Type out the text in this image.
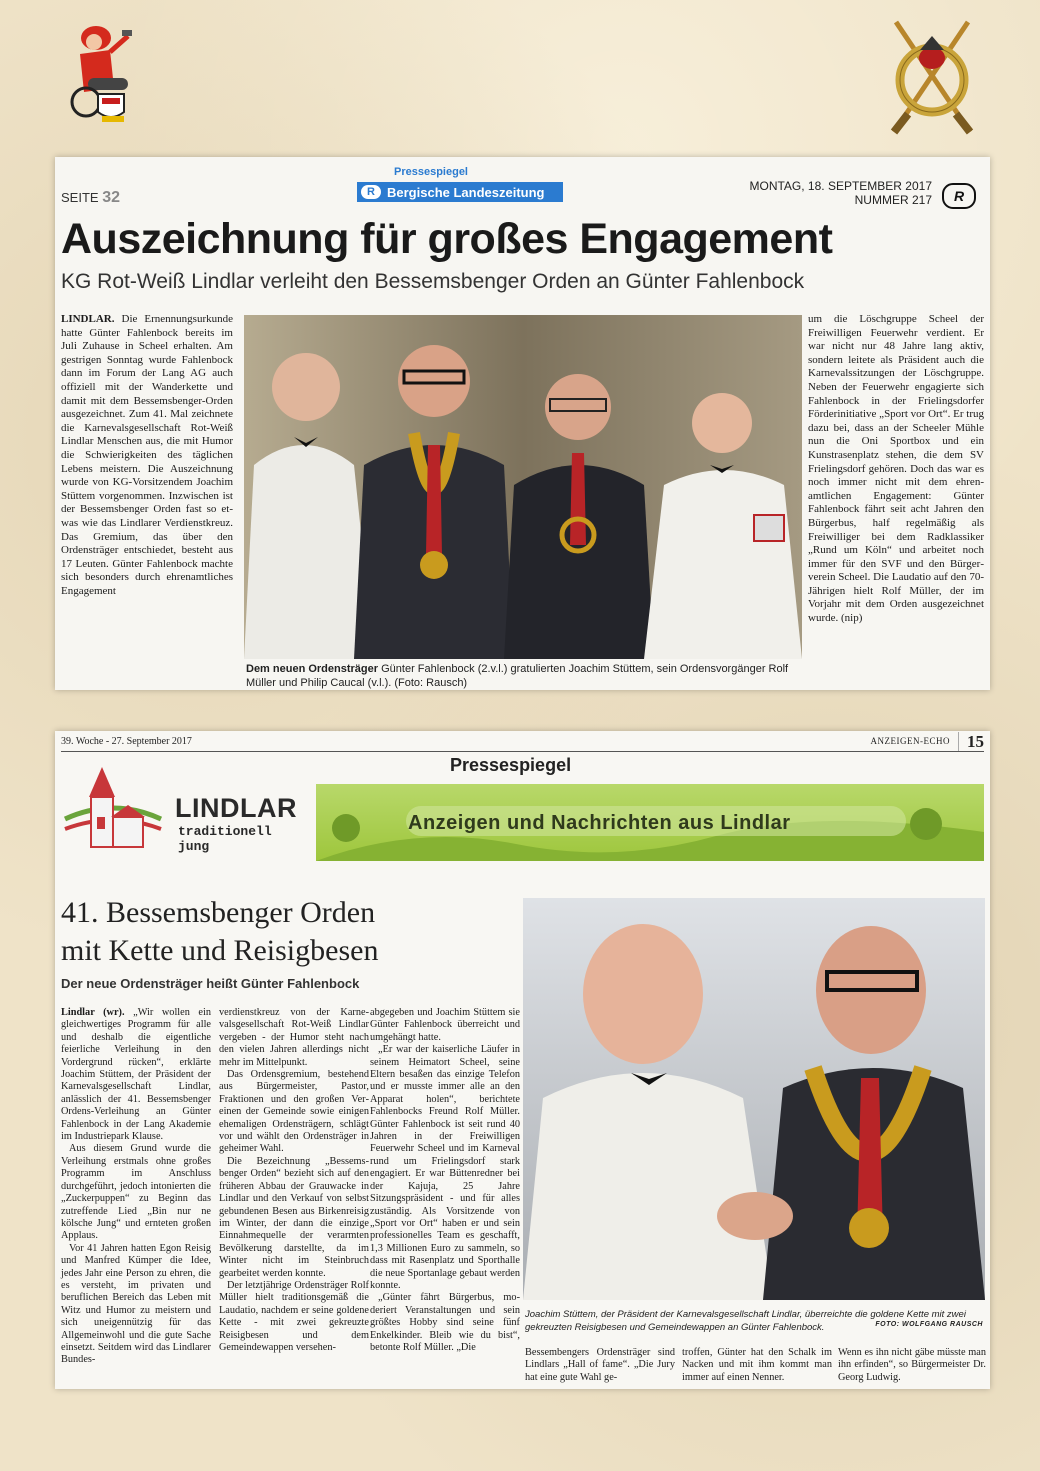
Pressespiegel
R Bergische Landeszeitung
SEITE 32
MONTAG, 18. SEPTEMBER 2017
NUMMER 217	R
Auszeichnung für großes Engagement
KG Rot-Weiß Lindlar verleiht den Bessemsbenger Orden an Günter Fahlenbock
LINDLAR. Die Ernennungsurkunde hatte Günter Fahlenbock bereits im Juli Zuhause in Scheel erhalten. Am gestrigen Sonntag wurde Fahlenbock dann im Forum der Lang AG auch offiziell mit der Wanderkette und damit mit dem Bessemsbenger-Orden ausgezeichnet. Zum 41. Mal zeichnete die Karnevalsgesellschaft Rot-Weiß Lindlar Menschen aus, die mit Humor die Schwierigkeiten des täglichen Lebens meistern. Die Auszeichnung wurde von KG-Vorsitzendem Joachim Stüttem vorgenommen. Inzwischen ist der Bessemsbenger Orden fast so etwas wie das Lindlarer Verdienstkreuz. Das Gremium, das über den Ordensträger entschiedet, besteht aus 17 Leuten. Günter Fahlenbock machte sich besonders durch ehrenamtliches Engagement
Dem neuen Ordensträger Günter Fahlenbock (2.v.l.) gratulierten Joachim Stüttem, sein Ordensvorgänger Rolf Müller und Philip Caucal (v.l.). (Foto: Rausch)
um die Löschgruppe Scheel der Freiwilligen Feuerwehr verdient. Er war nicht nur 48 Jahre lang aktiv, sondern leitete als Präsident auch die Karnevalssitzungen der Löschgruppe. Neben der Feuerwehr engagierte sich Fahlenbock in der Frielingsdorfer Förderinitiative „Sport vor Ort“. Er trug dazu bei, dass an der Scheeler Mühle nun die Oni Sportbox und ein Kunstrasenplatz stehen, die dem SV Frielingsdorf gehören. Doch das war es noch immer nicht mit dem ehrenamtlichen Engagement: Günter Fahlenbock fährt seit acht Jahren den Bürgerbus, half regelmäßig als Freiwilliger bei dem Radklassiker „Rund um Köln“ und arbeitet noch immer für den SVF und den Bürgerverein Scheel. Die Laudatio auf den 70-Jährigen hielt Rolf Müller, der im Vorjahr mit dem Orden ausgezeichnet wurde. (nip)
39. Woche - 27. September 2017	ANZEIGEN-ECHO	15
Pressespiegel
LINDLAR
traditionell
jung
Anzeigen und Nachrichten aus Lindlar
41. Bessemsbenger Orden
mit Kette und Reisigbesen
Der neue Ordensträger heißt Günter Fahlenbock
Lindlar (wr). „Wir wollen ein gleichwertiges Programm für alle und deshalb die eigentliche feierliche Verleihung in den Vordergrund rücken“, erklärte Joachim Stüttem, der Präsident der Karnevalsgesellschaft Lindlar, anlässlich der 41. Bessemsbenger Ordens-Verleihung an Günter Fahlenbock in der Lang Akademie im Industriepark Klause.
Aus diesem Grund wurde die Verleihung erstmals ohne großes Programm im Anschluss durchgeführt, jedoch intonierten die „Zuckerpuppen“ zu Beginn das zutreffende Lied „Bin nur ne kölsche Jung“ und ernteten großen Applaus.
Vor 41 Jahren hatten Egon Reisig und Manfred Kümper die Idee, jedes Jahr eine Person zu ehren, die es versteht, im privaten und beruflichen Bereich das Leben mit Witz und Humor zu meistern und sich uneigennützig für das Allgemeinwohl und die gute Sache einsetzt. Seitdem wird das Lindlarer Bundes-
verdienstkreuz von der Karnevalsgesellschaft Rot-Weiß Lindlar vergeben - der Humor steht nach den vielen Jahren allerdings nicht mehr im Mittelpunkt.
Das Ordensgremium, bestehend aus Bürgermeister, Pastor, Fraktionen und den großen Vereinen der Gemeinde sowie einigen ehemaligen Ordensträgern, schlägt vor und wählt den Ordensträger in geheimer Wahl.
Die Bezeichnung „Bessemsbenger Orden“ bezieht sich auf den früheren Abbau der Grauwacke in Lindlar und den Verkauf von selbst gebundenen Besen aus Birkenreisig im Winter, der dann die einzige Einnahmequelle der verarmten Bevölkerung darstellte, da im Winter nicht im Steinbruch gearbeitet werden konnte.
Der letztjährige Ordensträger Rolf Müller hielt traditionsgemäß die Laudatio, nachdem er seine goldene Kette - mit zwei gekreuzte Reisigbesen und dem Gemeindewappen versehen-
abgegeben und Joachim Stüttem sie Günter Fahlenbock überreicht und umgehängt hatte.
„Er war der kaiserliche Läufer in seinem Heimatort Scheel, seine Eltern besaßen das einzige Telefon und er musste immer alle an den Apparat holen“, berichtete Fahlenbocks Freund Rolf Müller. Günter Fahlenbock ist seit rund 40 Jahren in der Freiwilligen Feuerwehr Scheel und im Karneval rund um Frielingsdorf stark engagiert. Er war Büttenredner bei der Kajuja, 25 Jahre Sitzungspräsident - und für alles zuständig. Als Vorsitzende von „Sport vor Ort“ haben er und sein professionelles Team es geschafft, 1,3 Millionen Euro zu sammeln, so dass mit Rasenplatz und Sporthalle die neue Sportanlage gebaut werden konnte.
„Günter fährt Bürgerbus, moderiert Veranstaltungen und sein größtes Hobby sind seine fünf Enkelkinder. Bleib wie du bist“, betonte Rolf Müller. „Die
Joachim Stüttem, der Präsident der Karnevalsgesellschaft Lindlar, überreichte die goldene Kette mit zwei gekreuzten Reisigbesen und Gemeindewappen an Günter Fahlenbock.	FOTO: WOLFGANG RAUSCH
Bessembengers Ordensträger sind Lindlars „Hall of fame“. „Die Jury hat eine gute Wahl ge-
troffen, Günter hat den Schalk im Nacken und mit ihm kommt man immer auf einen Nenner.
Wenn es ihn nicht gäbe müsste man ihn erfinden“, so Bürgermeister Dr. Georg Ludwig.
